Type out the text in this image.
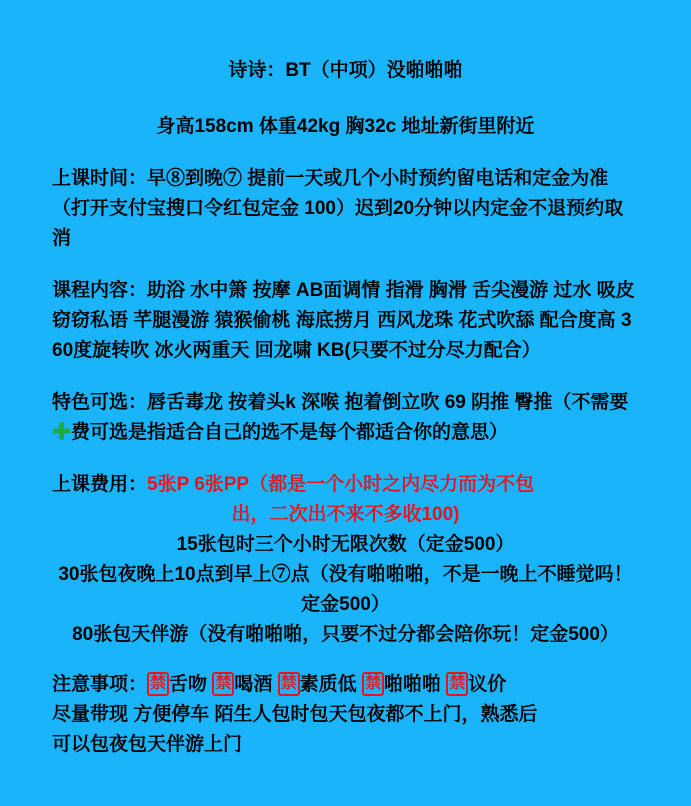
诗诗：BT（中项）没啪啪啪
身高158cm 体重42kg 胸32c 地址新街里附近
上课时间：早⑧到晚⑦ 提前一天或几个小时预约留电话和定金为准（打开支付宝搜口令红包定金 100）迟到20分钟以内定金不退预约取消
课程内容：助浴 水中箫 按摩 AB面调情 指滑 胸滑 舌尖漫游 过水 吸皮 窃窃私语 芊腿漫游 猿猴偷桃 海底捞月 西风龙珠 花式吹舔 配合度高 360度旋转吹 冰火两重天 回龙啸 KB(只要不过分尽力配合）
特色可选：唇舌毒龙 按着头k 深喉 抱着倒立吹 69 阴推 臀推（不需要✚费可选是指适合自己的选不是每个都适合你的意思）
上课费用：5张P 6张PP（都是一个小时之内尽力而为不包
出，二次出不来不多收100)
15张包时三个小时无限次数（定金500）
30张包夜晚上10点到早上⑦点（没有啪啪啪，不是一晚上不睡觉吗！定金500）
80张包天伴游（没有啪啪啪，只要不过分都会陪你玩！定金500）
注意事项： 禁 舌吻 禁 喝酒 禁 素质低 禁 啪啪啪 禁 议价
尽量带现 方便停车 陌生人包时包天包夜都不上门，熟悉后
可以包夜包天伴游上门
